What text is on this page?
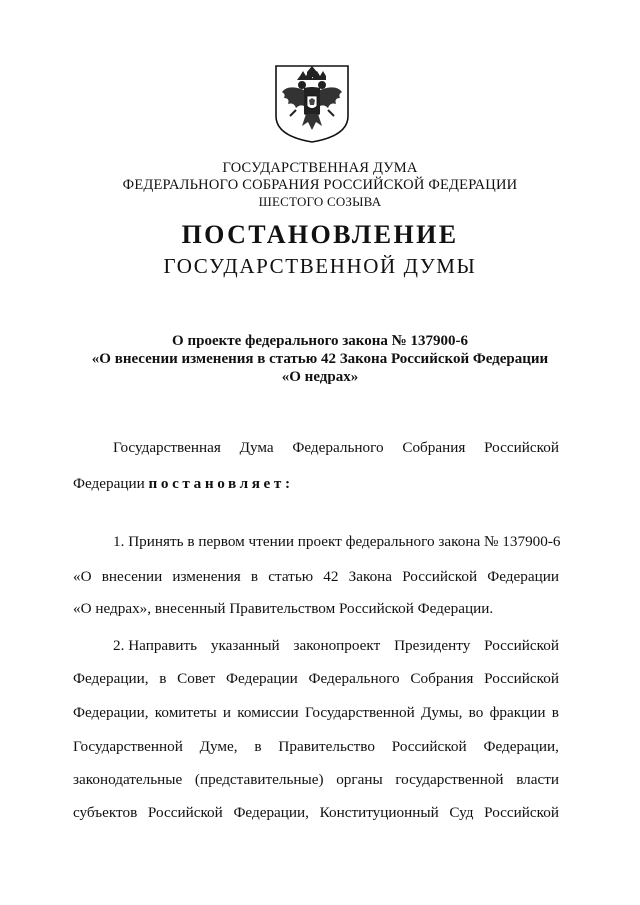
ГОСУДАРСТВЕННАЯ ДУМА
ФЕДЕРАЛЬНОГО СОБРАНИЯ РОССИЙСКОЙ ФЕДЕРАЦИИ
ШЕСТОГО СОЗЫВА
ПОСТАНОВЛЕНИЕ
ГОСУДАРСТВЕННОЙ ДУМЫ
О проекте федерального закона № 137900-6
«О внесении изменения в статью 42 Закона Российской Федерации
«О недрах»
Государственная Дума Федерального Собрания Российской
Федерации постановляет:
1. Принять в первом чтении проект федерального закона № 137900-6
«О внесении изменения в статью 42 Закона Российской Федерации
«О недрах», внесенный Правительством Российской Федерации.
2. Направить указанный законопроект Президенту Российской
Федерации, в Совет Федерации Федерального Собрания Российской
Федерации, комитеты и комиссии Государственной Думы, во фракции в
Государственной Думе, в Правительство Российской Федерации,
законодательные (представительные) органы государственной власти
субъектов Российской Федерации, Конституционный Суд Российской
